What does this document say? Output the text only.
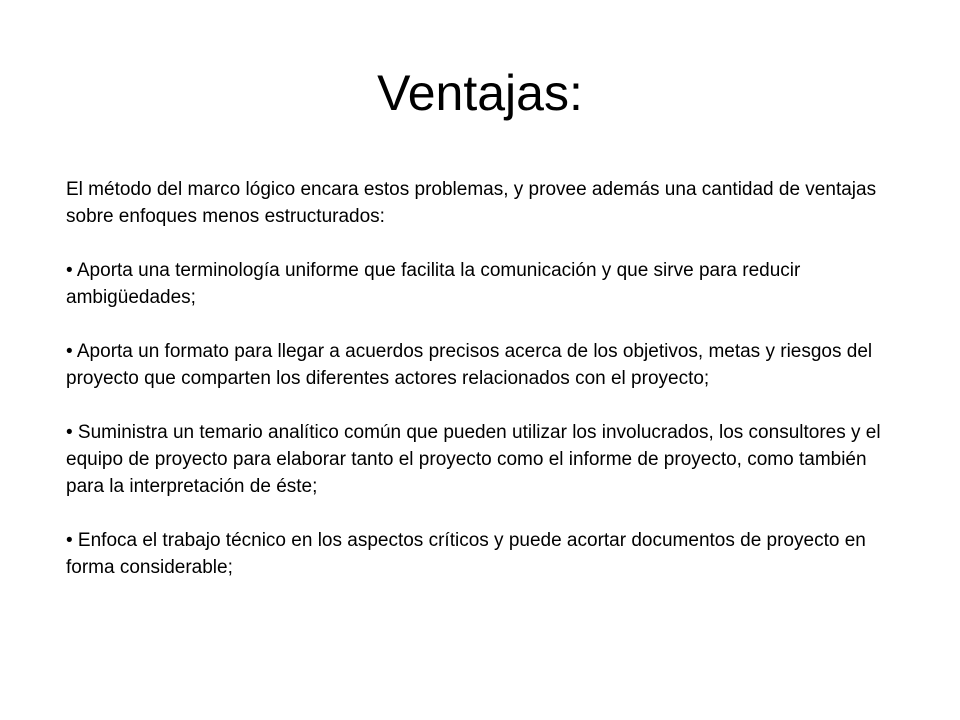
Ventajas:

El método del marco lógico encara estos problemas, y provee además una cantidad de ventajas sobre enfoques menos estructurados:

• Aporta una terminología uniforme que facilita la comunicación y que sirve para reducir ambigüedades;

• Aporta un formato para llegar a acuerdos precisos acerca de los objetivos, metas y riesgos del proyecto que comparten los diferentes actores relacionados con el proyecto;

• Suministra un temario analítico común que pueden utilizar los involucrados, los consultores y el equipo de proyecto para elaborar tanto el proyecto como el informe de proyecto, como también para la interpretación de éste;

• Enfoca el trabajo técnico en los aspectos críticos y puede acortar documentos de proyecto en forma considerable;
